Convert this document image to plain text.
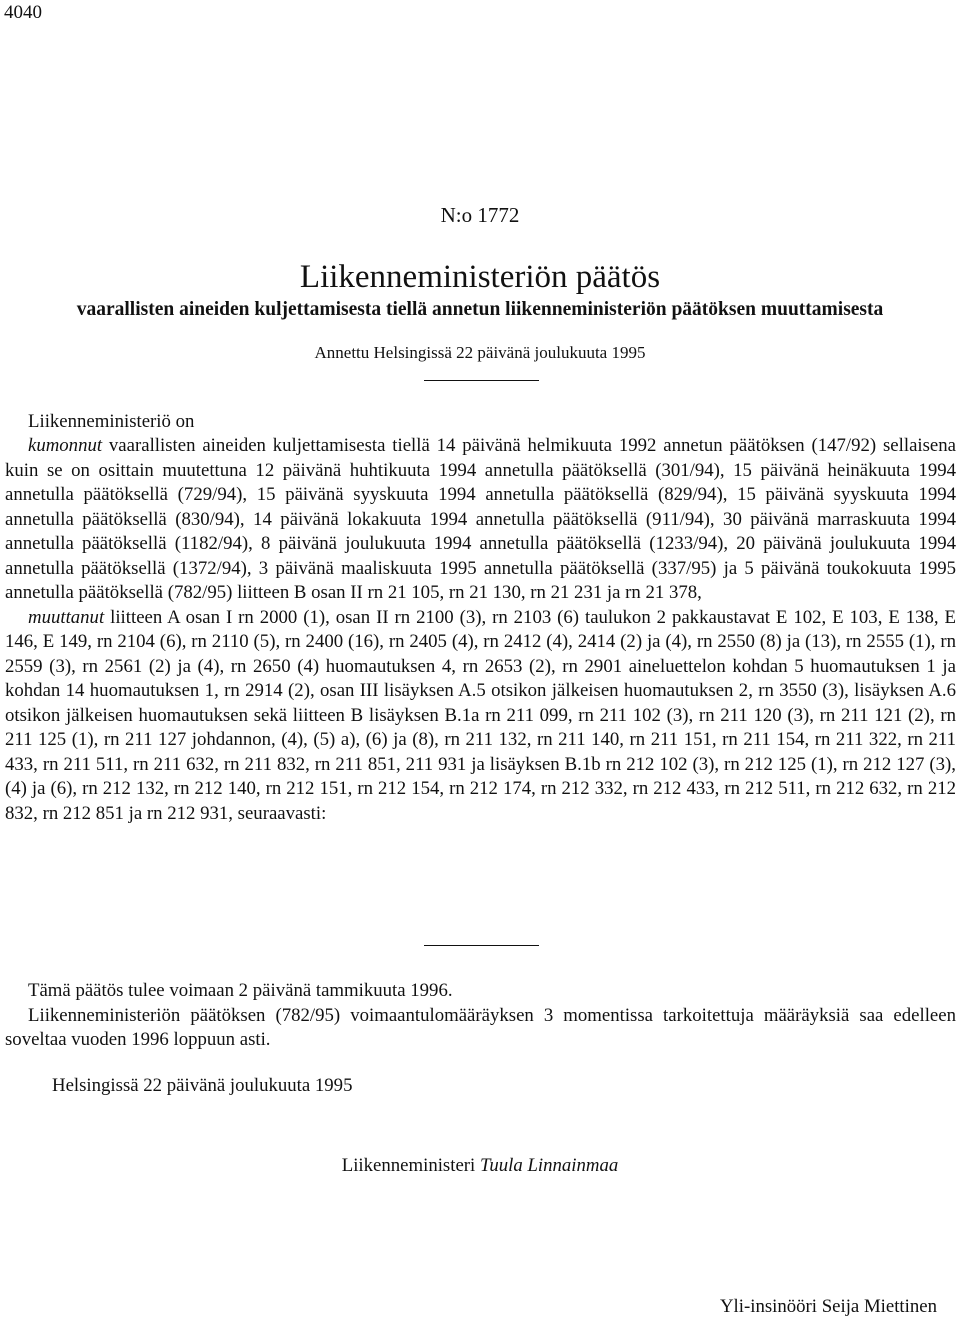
4040
N:o 1772
Liikenneministeriön päätös
vaarallisten aineiden kuljettamisesta tiellä annetun liikenneministeriön päätöksen muuttamisesta
Annettu Helsingissä 22 päivänä joulukuuta 1995
Liikenneministeriö on
kumonnut vaarallisten aineiden kuljettamisesta tiellä 14 päivänä helmikuuta 1992 annetun päätöksen (147/92) sellaisena kuin se on osittain muutettuna 12 päivänä huhtikuuta 1994 annetulla päätöksellä (301/94), 15 päivänä heinäkuuta 1994 annetulla päätöksellä (729/94), 15 päivänä syyskuuta 1994 annetulla päätöksellä (829/94), 15 päivänä syyskuuta 1994 annetulla päätöksellä (830/94), 14 päivänä lokakuuta 1994 annetulla päätöksellä (911/94), 30 päivänä marraskuuta 1994 annetulla päätöksellä (1182/94), 8 päivänä joulukuuta 1994 annetulla päätöksellä (1233/94), 20 päivänä joulukuuta 1994 annetulla päätöksellä (1372/94), 3 päivänä maaliskuuta 1995 annetulla päätöksellä (337/95) ja 5 päivänä toukokuuta 1995 annetulla päätöksellä (782/95) liitteen B osan II rn 21 105, rn 21 130, rn 21 231 ja rn 21 378,
muuttanut liitteen A osan I rn 2000 (1), osan II rn 2100 (3), rn 2103 (6) taulukon 2 pakkaustavat E 102, E 103, E 138, E 146, E 149, rn 2104 (6), rn 2110 (5), rn 2400 (16), rn 2405 (4), rn 2412 (4), 2414 (2) ja (4), rn 2550 (8) ja (13), rn 2555 (1), rn 2559 (3), rn 2561 (2) ja (4), rn 2650 (4) huomautuksen 4, rn 2653 (2), rn 2901 aineluettelon kohdan 5 huomautuksen 1 ja kohdan 14 huomautuksen 1, rn 2914 (2), osan III lisäyksen A.5 otsikon jälkeisen huomautuksen 2, rn 3550 (3), lisäyksen A.6 otsikon jälkeisen huomautuksen sekä liitteen B lisäyksen B.1a rn 211 099, rn 211 102 (3), rn 211 120 (3), rn 211 121 (2), rn 211 125 (1), rn 211 127 johdannon, (4), (5) a), (6) ja (8), rn 211 132, rn 211 140, rn 211 151, rn 211 154, rn 211 322, rn 211 433, rn 211 511, rn 211 632, rn 211 832, rn 211 851, 211 931 ja lisäyksen B.1b rn 212 102 (3), rn 212 125 (1), rn 212 127 (3), (4) ja (6), rn 212 132, rn 212 140, rn 212 151, rn 212 154, rn 212 174, rn 212 332, rn 212 433, rn 212 511, rn 212 632, rn 212 832, rn 212 851 ja rn 212 931, seuraavasti:
Tämä päätös tulee voimaan 2 päivänä tammikuuta 1996.
Liikenneministeriön päätöksen (782/95) voimaantulomääräyksen 3 momentissa tarkoitettuja määräyksiä saa edelleen soveltaa vuoden 1996 loppuun asti.
Helsingissä 22 päivänä joulukuuta 1995
Liikenneministeri Tuula Linnainmaa
Yli-insinööri Seija Miettinen
